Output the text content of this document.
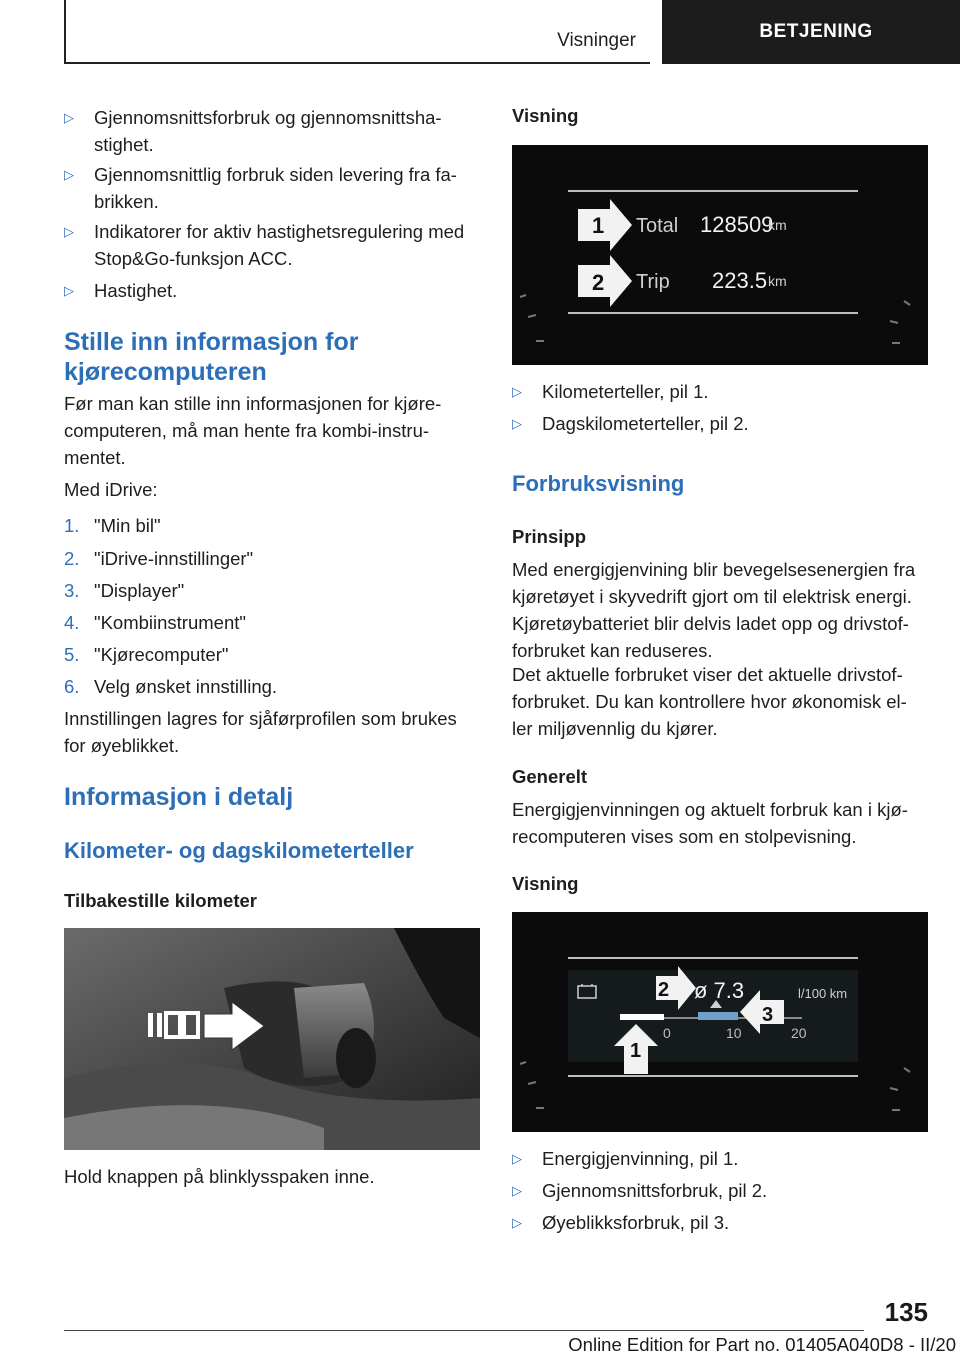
Visninger	BETJENING
▷	Gjennomsnittsforbruk og gjennomsnittsha‐
stighet.
▷	Gjennomsnittlig forbruk siden levering fra fa‐
brikken.
▷	Indikatorer for aktiv hastighetsregulering med
Stop&Go-funksjon ACC.
▷	Hastighet.
Stille inn informasjon for
kjørecomputeren
Før man kan stille inn informasjonen for kjøre‐
computeren, må man hente fra kombi-instru‐
mentet.
Med iDrive:
1. "Min bil"
2. "iDrive-innstillinger"
3. "Displayer"
4. "Kombiinstrument"
5. "Kjørecomputer"
6. Velg ønsket innstilling.
Innstillingen lagres for sjåførprofilen som brukes
for øyeblikket.
Informasjon i detalj
Kilometer- og dagskilometerteller
Tilbakestille kilometer
Hold knappen på blinklysspaken inne.
Visning
1
2
Total 128509
km
Trip 223.5 km
▷	Kilometerteller, pil 1.
▷	Dagskilometerteller, pil 2.
Forbruksvisning
Prinsipp
Med energigjenvining blir bevegelsesenergien fra
kjøretøyet i skyvedrift gjort om til elektrisk energi.
Kjøretøybatteriet blir delvis ladet opp og drivstof‐
forbruket kan reduseres.
Det aktuelle forbruket viser det aktuelle drivstof‐
forbruket. Du kan kontrollere hvor økonomisk el‐
ler miljøvennlig du kjører.
Generelt
Energigjenvinningen og aktuelt forbruk kan i kjø‐
recomputeren vises som en stolpevisning.
Visning
0	10	20
ø 7.3	l/100 km
2
3
1
▷	Energigjenvinning, pil 1.
▷	Gjennomsnittsforbruk, pil 2.
▷	Øyeblikksforbruk, pil 3.
135
Online Edition for Part no. 01405A040D8 - II/20
